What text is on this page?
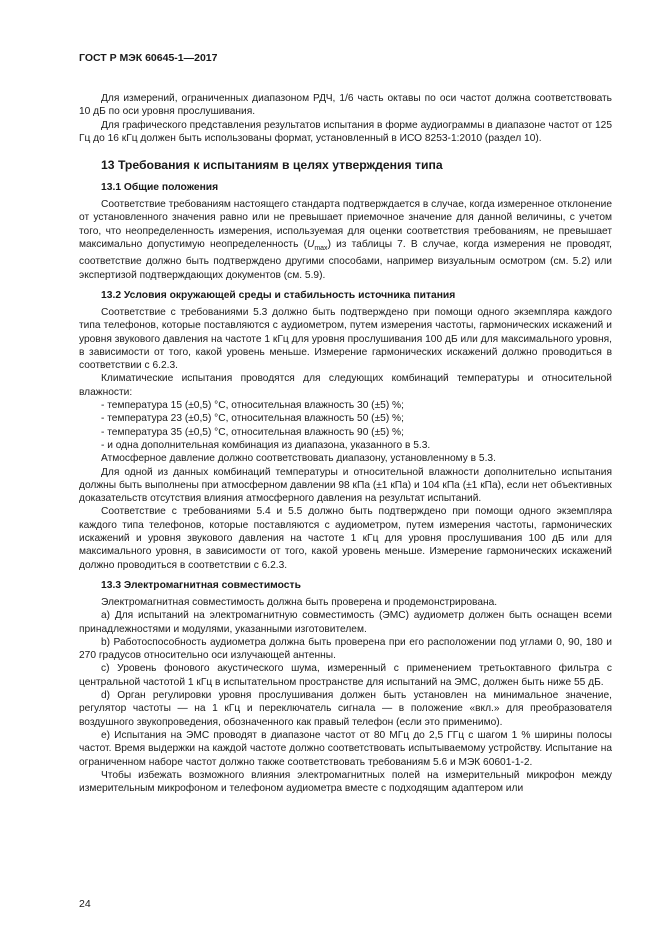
ГОСТ Р МЭК 60645-1—2017

Для измерений, ограниченных диапазоном РДЧ, 1/6 часть октавы по оси частот должна соответствовать 10 дБ по оси уровня прослушивания.

Для графического представления результатов испытания в форме аудиограммы в диапазоне частот от 125 Гц до 16 кГц должен быть использованы формат, установленный в ИСО 8253-1:2010 (раздел 10).

13 Требования к испытаниям в целях утверждения типа
13.1 Общие положения

Соответствие требованиям настоящего стандарта подтверждается в случае, когда измеренное отклонение от установленного значения равно или не превышает приемочное значение для данной величины, с учетом того, что неопределенность измерения, используемая для оценки соответствия требованиям, не превышает максимально допустимую неопределенность $(U_{max})$ из таблицы 7. В случае, когда измерения не проводят, соответствие должно быть подтверждено другими способами, например визуальным осмотром (см. 5.2) или экспертизой подтверждающих документов (см. 5.9).

13.2 Условия окружающей среды и стабильность источника питания

Соответствие с требованиями 5.3 должно быть подтверждено при помощи одного экземпляра каждого типа телефонов, которые поставляются с аудиометром, путем измерения частоты, гармонических искажений и уровня звукового давления на частоте 1 кГц для уровня прослушивания 100 дБ или для максимального уровня, в зависимости от того, какой уровень меньше. Измерение гармонических искажений должно проводиться в соответствии с 6.2.3.

Климатические испытания проводятся для следующих комбинаций температуры и относительной влажности:

- температура 15 (±0,5) °С, относительная влажность 30 (±5) %;
- температура 23 (±0,5) °С, относительная влажность 50 (±5) %;
- температура 35 (±0,5) °С, относительная влажность 90 (±5) %;
- и одна дополнительная комбинация из диапазона, указанного в 5.3.

Атмосферное давление должно соответствовать диапазону, установленному в 5.3.

Для одной из данных комбинаций температуры и относительной влажности дополнительно испытания должны быть выполнены при атмосферном давлении 98 кПа (±1 кПа) и 104 кПа (±1 кПа), если нет объективных доказательств отсутствия влияния атмосферного давления на результат испытаний.

Соответствие с требованиями 5.4 и 5.5 должно быть подтверждено при помощи одного экземпляра каждого типа телефонов, которые поставляются с аудиометром, путем измерения частоты, гармонических искажений и уровня звукового давления на частоте 1 кГц для уровня прослушивания 100 дБ или для максимального уровня, в зависимости от того, какой уровень меньше. Измерение гармонических искажений должно проводиться в соответствии с 6.2.3.

13.3 Электромагнитная совместимость

Электромагнитная совместимость должна быть проверена и продемонстрирована.

а) Для испытаний на электромагнитную совместимость (ЭМС) аудиометр должен быть оснащен всеми принадлежностями и модулями, указанными изготовителем.

b) Работоспособность аудиометра должна быть проверена при его расположении под углами 0, 90, 180 и 270 градусов относительно оси излучающей антенны.

с) Уровень фонового акустического шума, измеренный с применением третьоктавного фильтра с центральной частотой 1 кГц в испытательном пространстве для испытаний на ЭМС, должен быть ниже 55 дБ.

d) Орган регулировки уровня прослушивания должен быть установлен на минимальное значение, регулятор частоты — на 1 кГц и переключатель сигнала — в положение «вкл.» для преобразователя воздушного звукопроведения, обозначенного как правый телефон (если это применимо).

е) Испытания на ЭМС проводят в диапазоне частот от 80 МГц до 2,5 ГГц с шагом 1 % ширины полосы частот. Время выдержки на каждой частоте должно соответствовать испытываемому устройству. Испытание на ограниченном наборе частот должно также соответствовать требованиям 5.6 и МЭК 60601-1-2.

Чтобы избежать возможного влияния электромагнитных полей на измерительный микрофон между измерительным микрофоном и телефоном аудиометра вместе с подходящим адаптером или

24
